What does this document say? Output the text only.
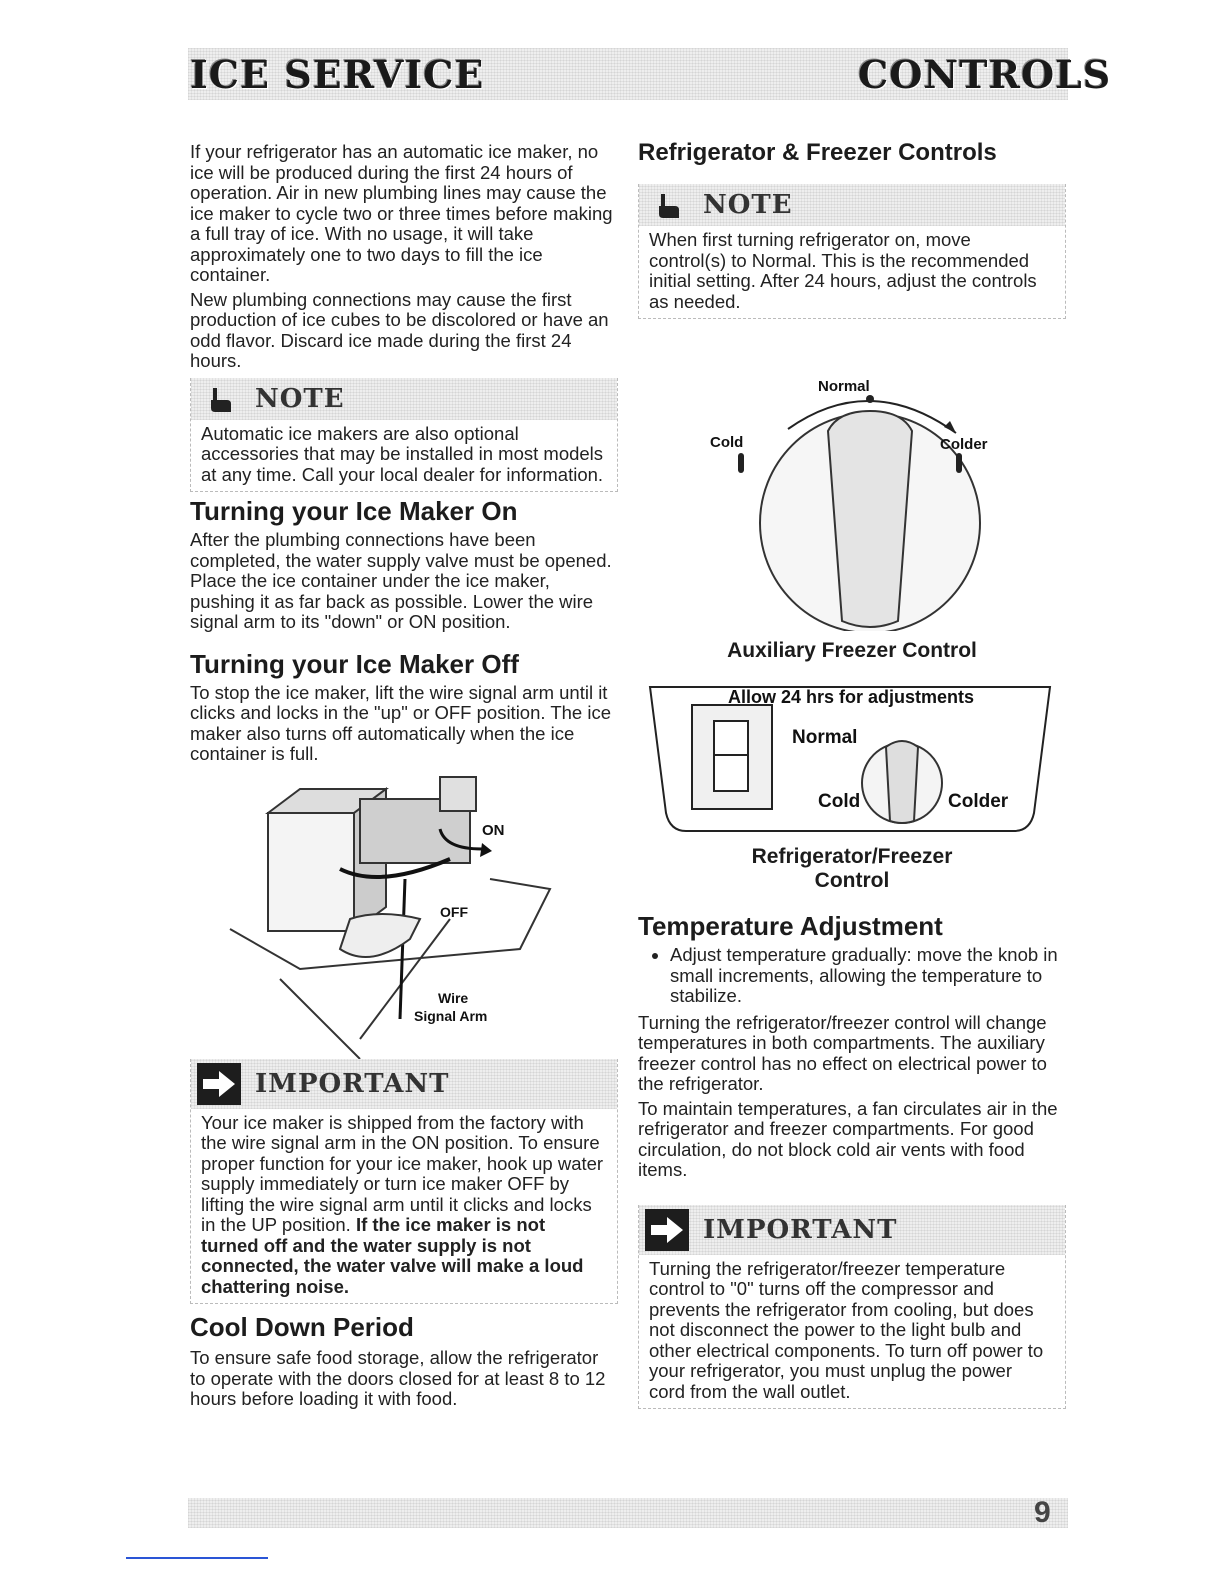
ICE SERVICE	CONTROLS

If your refrigerator has an automatic ice maker, no ice will be produced during the first 24 hours of operation. Air in new plumbing lines may cause the ice maker to cycle two or three times before making a full tray of ice. With no usage, it will take approximately one to two days to fill the ice container.

New plumbing connections may cause the first production of ice cubes to be discolored or have an odd flavor. Discard ice made during the first 24 hours.

NOTE

Automatic ice makers are also optional accessories that may be installed in most models at any time. Call your local dealer for information.

Turning your Ice Maker On

After the plumbing connections have been completed, the water supply valve must be opened. Place the ice container under the ice maker, pushing it as far back as possible. Lower the wire signal arm to its "down" or ON position.

Turning your Ice Maker Off

To stop the ice maker, lift the wire signal arm until it clicks and locks in the "up" or OFF position. The ice maker also turns off automatically when the ice container is full.

ON
OFF
Wire
Signal Arm
IMPORTANT

Your ice maker is shipped from the factory with the wire signal arm in the ON position. To ensure proper function for your ice maker, hook up water supply immediately or turn ice maker OFF by lifting the wire signal arm until it clicks and locks in the UP position. If the ice maker is not turned off and the water supply is not connected, the water valve will make a loud chattering noise.

Cool Down Period

To ensure safe food storage, allow the refrigerator to operate with the doors closed for at least 8 to 12 hours before loading it with food.

Refrigerator & Freezer Controls
NOTE

When first turning refrigerator on, move control(s) to Normal. This is the recommended initial setting. After 24 hours, adjust the controls as needed.

Normal
Cold	Colder
Auxiliary Freezer Control
Allow 24 hrs for adjustments
Normal
Cold	Colder
Refrigerator/Freezer
Control
Temperature Adjustment
• Adjust temperature gradually: move the knob in small increments, allowing the temperature to stabilize.

Turning the refrigerator/freezer control will change temperatures in both compartments. The auxiliary freezer control has no effect on electrical power to the refrigerator.

To maintain temperatures, a fan circulates air in the refrigerator and freezer compartments. For good circulation, do not block cold air vents with food items.

IMPORTANT

Turning the refrigerator/freezer temperature control to "0" turns off the compressor and prevents the refrigerator from cooling, but does not disconnect the power to the light bulb and other electrical components. To turn off power to your refrigerator, you must unplug the power cord from the wall outlet.

9
